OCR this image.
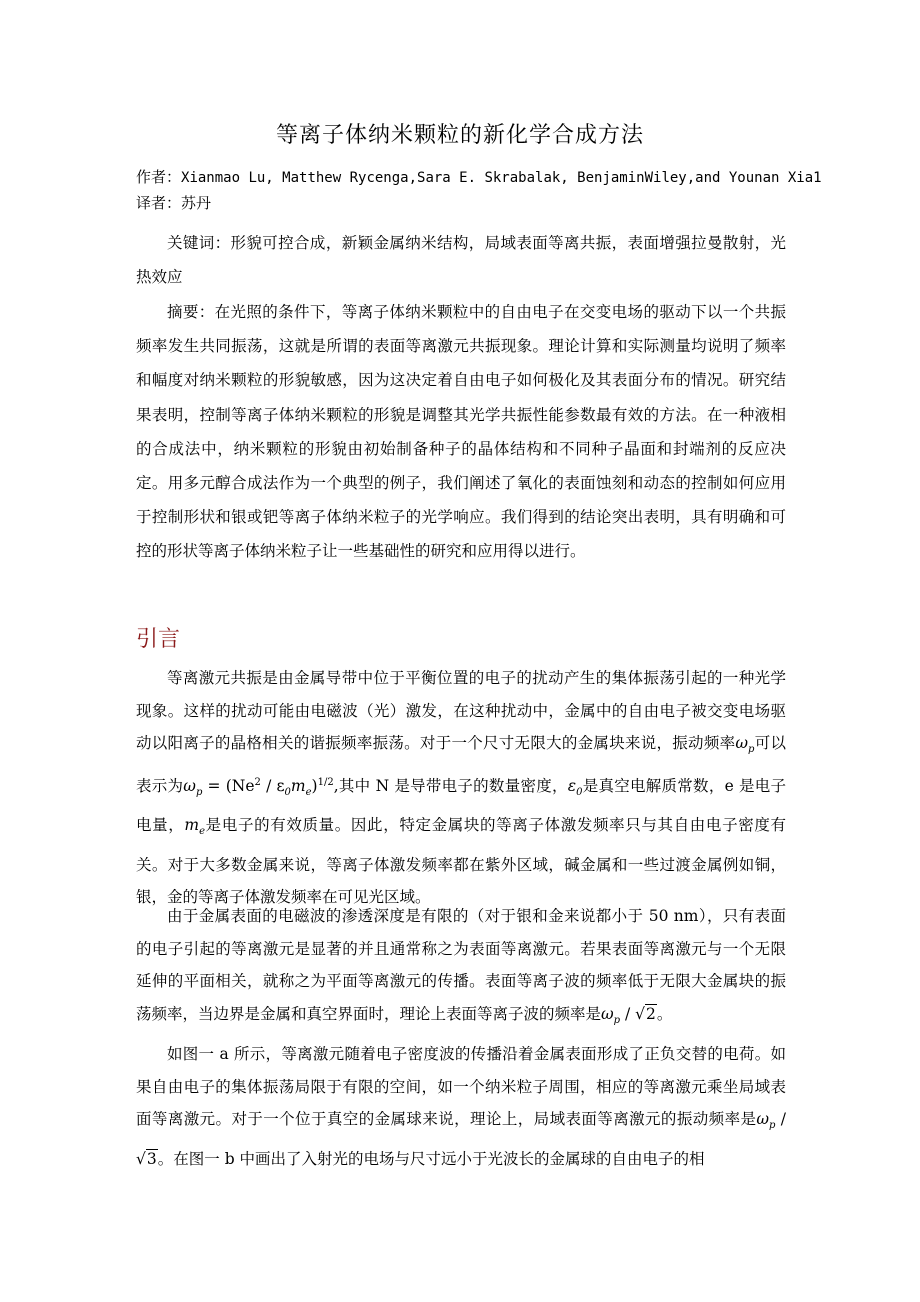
等离子体纳米颗粒的新化学合成方法
作者：Xianmao Lu, Matthew Rycenga,Sara E. Skrabalak, BenjaminWiley,and Younan Xia1
译者：苏丹

关键词：形貌可控合成，新颖金属纳米结构，局域表面等离共振，表面增强拉曼散射，光热效应

摘要：在光照的条件下，等离子体纳米颗粒中的自由电子在交变电场的驱动下以一个共振频率发生共同振荡，这就是所谓的表面等离激元共振现象。理论计算和实际测量均说明了频率和幅度对纳米颗粒的形貌敏感，因为这决定着自由电子如何极化及其表面分布的情况。研究结果表明，控制等离子体纳米颗粒的形貌是调整其光学共振性能参数最有效的方法。在一种液相的合成法中，纳米颗粒的形貌由初始制备种子的晶体结构和不同种子晶面和封端剂的反应决定。用多元醇合成法作为一个典型的例子，我们阐述了氧化的表面蚀刻和动态的控制如何应用于控制形状和银或钯等离子体纳米粒子的光学响应。我们得到的结论突出表明，具有明确和可控的形状等离子体纳米粒子让一些基础性的研究和应用得以进行。

引言

等离激元共振是由金属导带中位于平衡位置的电子的扰动产生的集体振荡引起的一种光学现象。这样的扰动可能由电磁波（光）激发，在这种扰动中，金属中的自由电子被交变电场驱动以阳离子的晶格相关的谐振频率振荡。对于一个尺寸无限大的金属块来说，振动频率$\omega_p$可以表示为$\omega_p = (Ne^2 / \varepsilon_0m_e)^{1/2}$,其中 N 是导带电子的数量密度，$\varepsilon_0$是真空电解质常数，e 是电子电量，$m_e$是电子的有效质量。因此，特定金属块的等离子体激发频率只与其自由电子密度有关。对于大多数金属来说，等离子体激发频率都在紫外区域，碱金属和一些过渡金属例如铜，银，金的等离子体激发频率在可见光区域。

由于金属表面的电磁波的渗透深度是有限的（对于银和金来说都小于 50 nm），只有表面的电子引起的等离激元是显著的并且通常称之为表面等离激元。若果表面等离激元与一个无限延伸的平面相关，就称之为平面等离激元的传播。表面等离子波的频率低于无限大金属块的振荡频率，当边界是金属和真空界面时，理论上表面等离子波的频率是$\omega_p / √2$。

如图一 a 所示，等离激元随着电子密度波的传播沿着金属表面形成了正负交替的电荷。如果自由电子的集体振荡局限于有限的空间，如一个纳米粒子周围，相应的等离激元乘坐局域表面等离激元。对于一个位于真空的金属球来说，理论上，局域表面等离激元的振动频率是$\omega_p / √3$。在图一 b 中画出了入射光的电场与尺寸远小于光波长的金属球的自由电子的相
